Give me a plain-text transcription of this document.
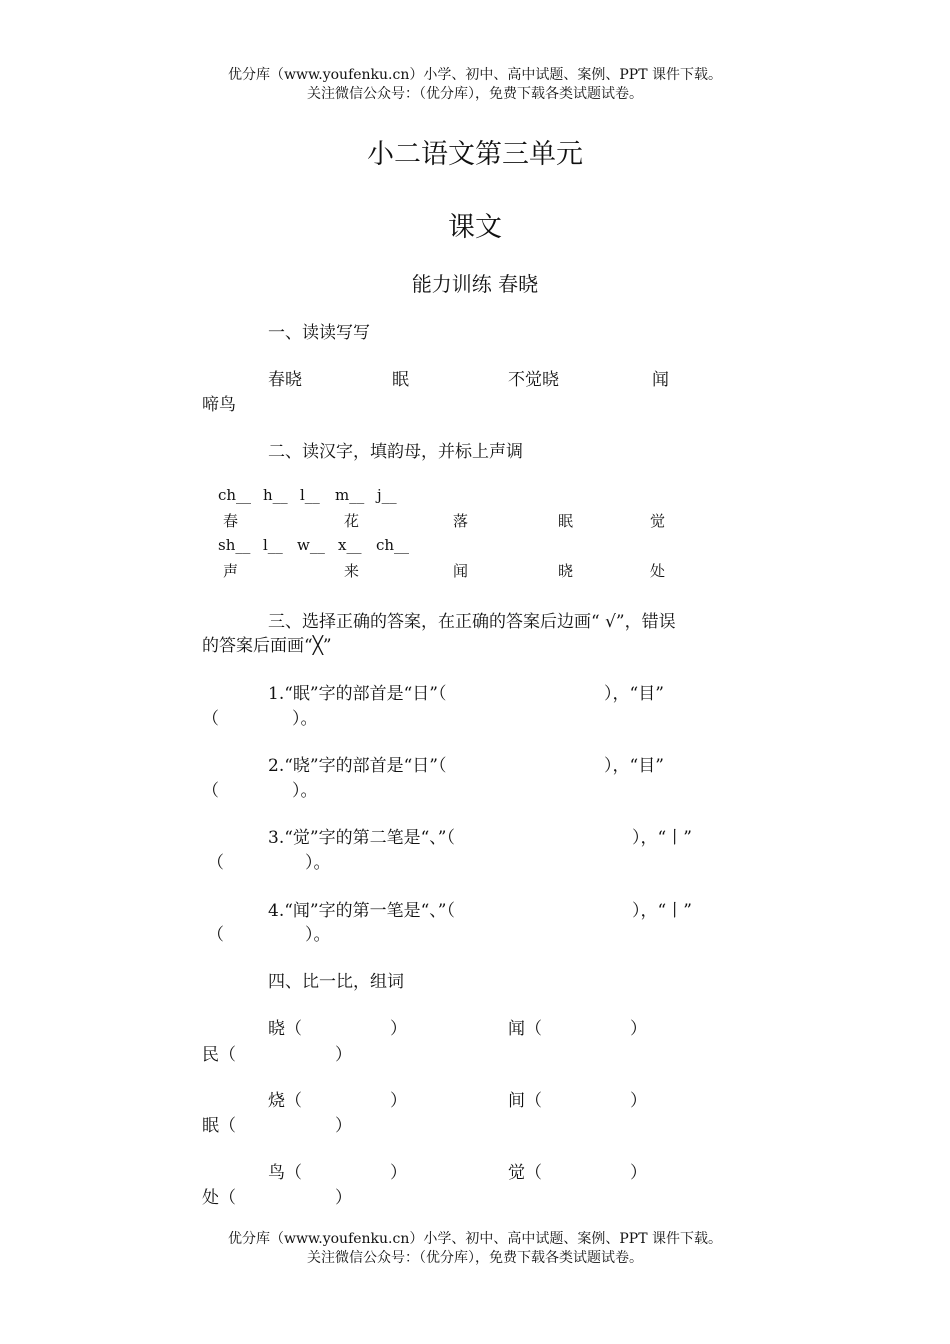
优分库（www.youfenku.cn）小学、初中、高中试题、案例、PPT 课件下载。
关注微信公众号：（优分库），免费下载各类试题试卷。
小二语文第三单元
课文
能力训练 春晓
一、读读写写
春晓	眠	不觉晓	闻
啼鸟
二、读汉字，填韵母，并标上声调
ch__ h__ l__ m__ j__
春	花	落	眠	觉
sh__ l__ w__ x__ ch__
声	来	闻	晓	处
三、选择正确的答案，在正确的答案后边画“ √”，错误
的答案后面画“╳”
1.“眠”字的部首是“日”（	），“目”
（	）。
2.“晓”字的部首是“日”（	），“目”
（	）。
3.“觉”字的第二笔是“、”（	），“丨”
（	）。
4.“闻”字的第一笔是“、”（	），“丨”
（	）。
四、比一比，组词
晓（	）	闻（	）
民（	）
烧（	）	间（	）
眠（	）
鸟（	）	觉（	）
处（	）
优分库（www.youfenku.cn）小学、初中、高中试题、案例、PPT 课件下载。
关注微信公众号：（优分库），免费下载各类试题试卷。
